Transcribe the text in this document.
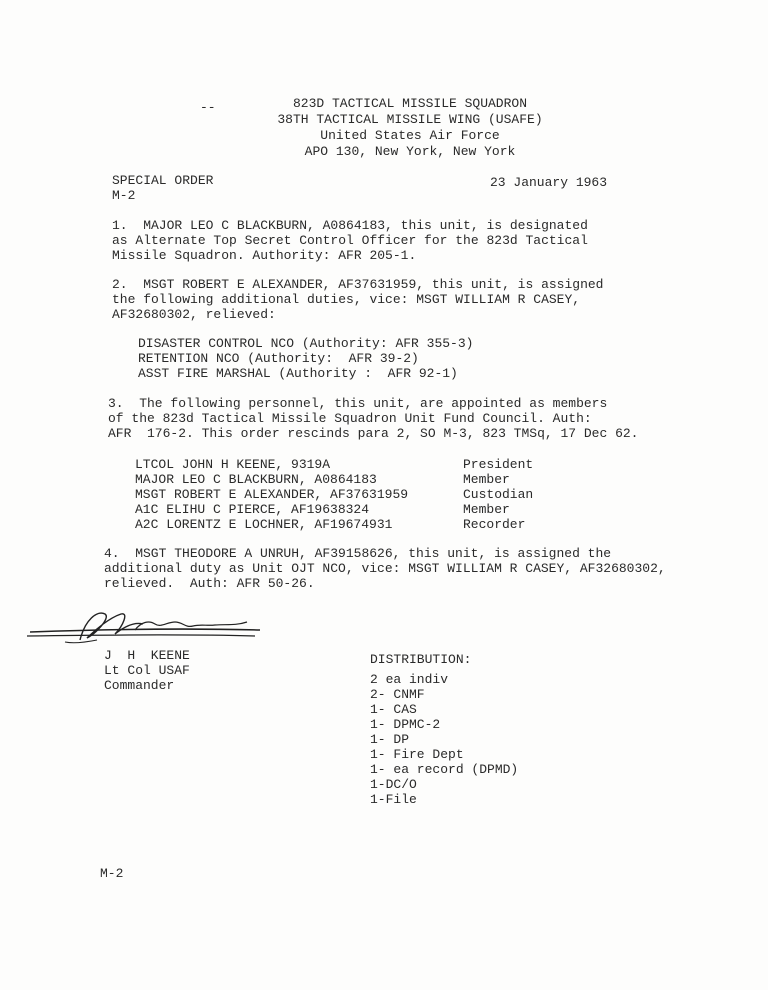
--	823D TACTICAL MISSILE SQUADRON
38TH TACTICAL MISSILE WING (USAFE)
United States Air Force
APO 130, New York, New York
SPECIAL ORDER
M-2
23 January 1963
1.  MAJOR LEO C BLACKBURN, A0864183, this unit, is designated
as Alternate Top Secret Control Officer for the 823d Tactical
Missile Squadron. Authority: AFR 205-1.
2.  MSGT ROBERT E ALEXANDER, AF37631959, this unit, is assigned
the following additional duties, vice: MSGT WILLIAM R CASEY,
AF32680302, relieved:
DISASTER CONTROL NCO (Authority: AFR 355-3)
RETENTION NCO (Authority:  AFR 39-2)
ASST FIRE MARSHAL (Authority :  AFR 92-1)
3.  The following personnel, this unit, are appointed as members
of the 823d Tactical Missile Squadron Unit Fund Council. Auth:
AFR  176-2. This order rescinds para 2, SO M-3, 823 TMSq, 17 Dec 62.
LTCOL JOHN H KEENE, 9319A	President
MAJOR LEO C BLACKBURN, A0864183	Member
MSGT ROBERT E ALEXANDER, AF37631959	Custodian
A1C ELIHU C PIERCE, AF19638324	Member
A2C LORENTZ E LOCHNER, AF19674931	Recorder
4.  MSGT THEODORE A UNRUH, AF39158626, this unit, is assigned the
additional duty as Unit OJT NCO, vice: MSGT WILLIAM R CASEY, AF32680302,
relieved.  Auth: AFR 50-26.
J  H  KEENE
Lt Col USAF
Commander
DISTRIBUTION:
2 ea indiv
2- CNMF
1- CAS
1- DPMC-2
1- DP
1- Fire Dept
1- ea record (DPMD)
1-DC/O
1-File
M-2
